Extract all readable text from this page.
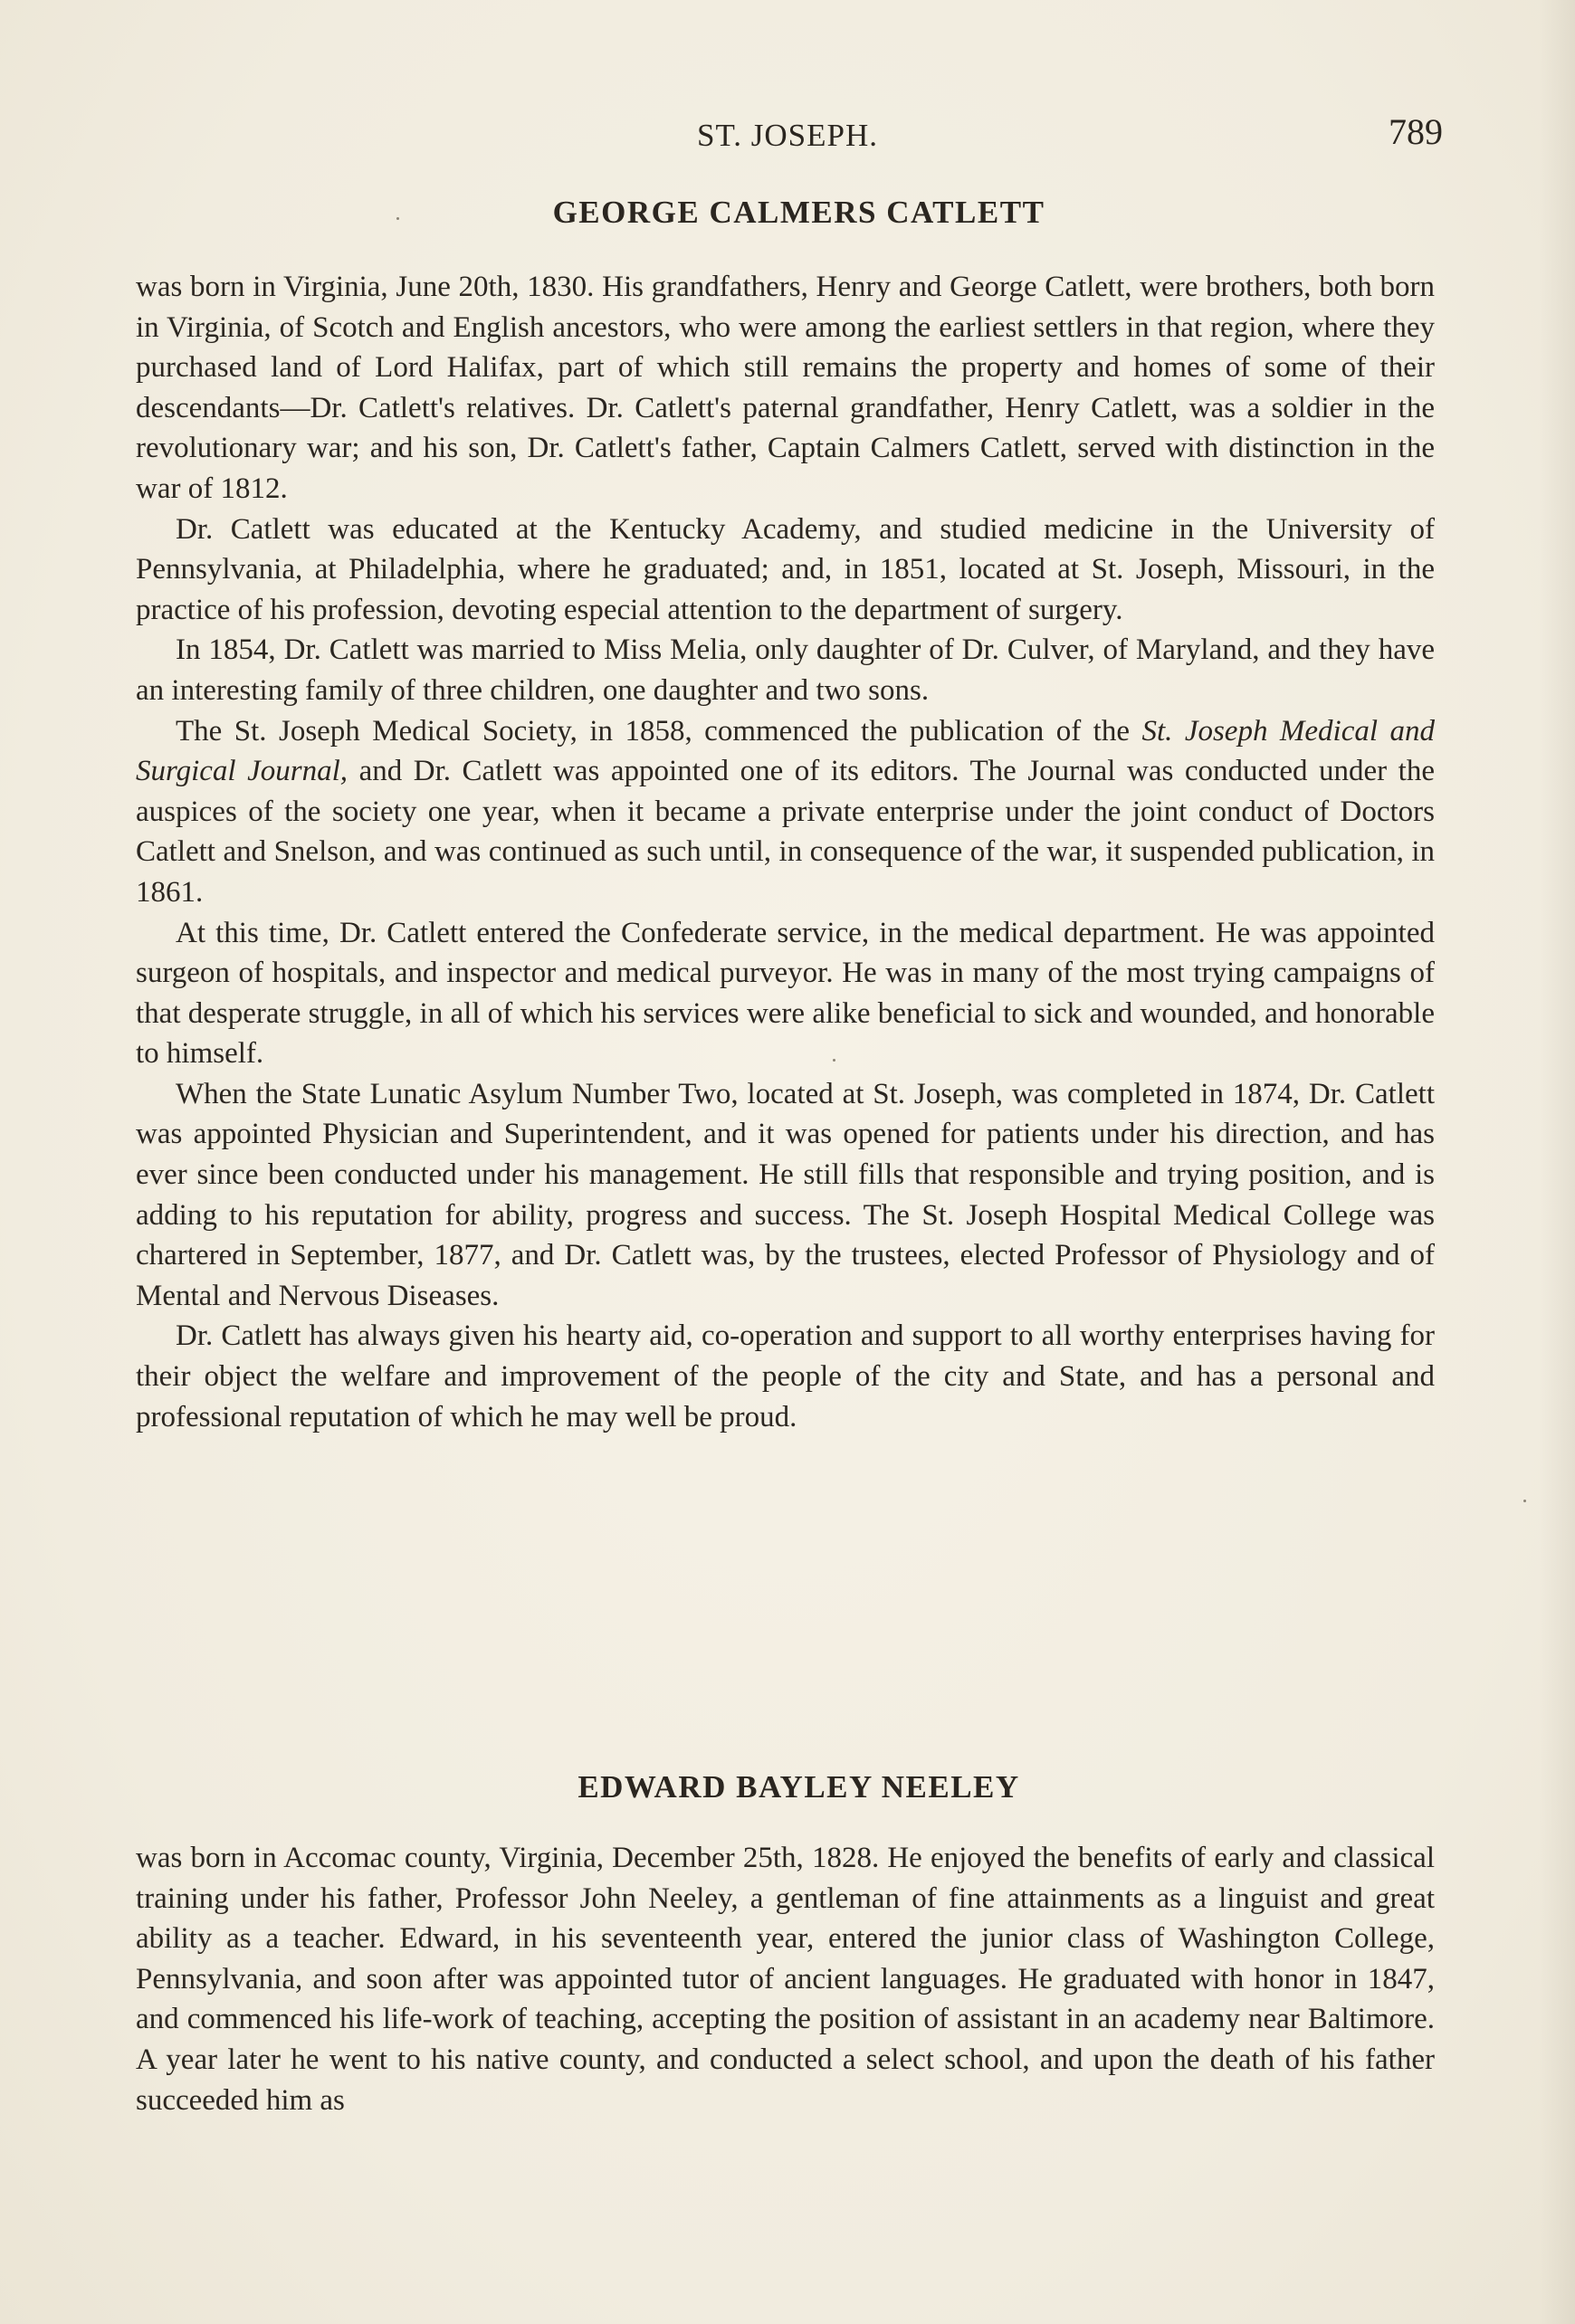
ST. JOSEPH.	789
GEORGE CALMERS CATLETT

was born in Virginia, June 20th, 1830. His grandfathers, Henry and George Catlett, were brothers, both born in Virginia, of Scotch and English ancestors, who were among the earliest settlers in that region, where they purchased land of Lord Halifax, part of which still remains the property and homes of some of their descendants—Dr. Catlett's relatives. Dr. Catlett's paternal grandfather, Henry Catlett, was a soldier in the revolutionary war; and his son, Dr. Catlett's father, Captain Calmers Catlett, served with distinction in the war of 1812.

Dr. Catlett was educated at the Kentucky Academy, and studied medicine in the University of Pennsylvania, at Philadelphia, where he graduated; and, in 1851, located at St. Joseph, Missouri, in the practice of his profession, devoting especial attention to the department of surgery.

In 1854, Dr. Catlett was married to Miss Melia, only daughter of Dr. Culver, of Maryland, and they have an interesting family of three children, one daughter and two sons.

The St. Joseph Medical Society, in 1858, commenced the publication of the St. Joseph Medical and Surgical Journal, and Dr. Catlett was appointed one of its editors. The Journal was conducted under the auspices of the society one year, when it became a private enterprise under the joint conduct of Doctors Catlett and Snelson, and was continued as such until, in consequence of the war, it suspended publication, in 1861.

At this time, Dr. Catlett entered the Confederate service, in the medical department. He was appointed surgeon of hospitals, and inspector and medical purveyor. He was in many of the most trying campaigns of that desperate struggle, in all of which his services were alike beneficial to sick and wounded, and honorable to himself.

When the State Lunatic Asylum Number Two, located at St. Joseph, was completed in 1874, Dr. Catlett was appointed Physician and Superintendent, and it was opened for patients under his direction, and has ever since been conducted under his management. He still fills that responsible and trying position, and is adding to his reputation for ability, progress and success. The St. Joseph Hospital Medical College was chartered in September, 1877, and Dr. Catlett was, by the trustees, elected Professor of Physiology and of Mental and Nervous Diseases.

Dr. Catlett has always given his hearty aid, co-operation and support to all worthy enterprises having for their object the welfare and improvement of the people of the city and State, and has a personal and professional reputation of which he may well be proud.

EDWARD BAYLEY NEELEY

was born in Accomac county, Virginia, December 25th, 1828. He enjoyed the benefits of early and classical training under his father, Professor John Neeley, a gentleman of fine attainments as a linguist and great ability as a teacher. Edward, in his seventeenth year, entered the junior class of Washington College, Pennsylvania, and soon after was appointed tutor of ancient languages. He graduated with honor in 1847, and commenced his life-work of teaching, accepting the position of assistant in an academy near Baltimore. A year later he went to his native county, and conducted a select school, and upon the death of his father succeeded him as
